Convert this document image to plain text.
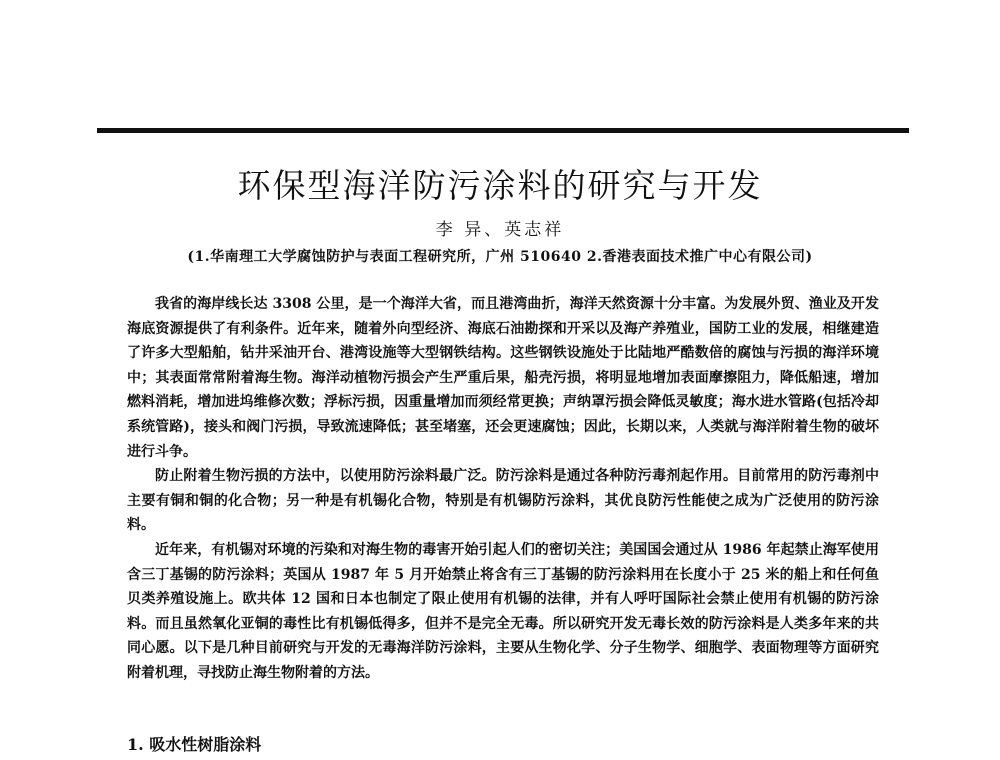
环保型海洋防污涂料的研究与开发
李 异、英志祥
(1.华南理工大学腐蚀防护与表面工程研究所，广州 510640 2.香港表面技术推广中心有限公司)

我省的海岸线长达 3308 公里，是一个海洋大省，而且港湾曲折，海洋天然资源十分丰富。为发展外贸、渔业及开发海底资源提供了有利条件。近年来，随着外向型经济、海底石油勘探和开采以及海产养殖业，国防工业的发展，相继建造了许多大型船舶，钻井采油开台、港湾设施等大型钢铁结构。这些钢铁设施处于比陆地严酷数倍的腐蚀与污损的海洋环境中；其表面常常附着海生物。海洋动植物污损会产生严重后果，船壳污损，将明显地增加表面摩擦阻力，降低船速，增加燃料消耗，增加进坞维修次数；浮标污损，因重量增加而须经常更换；声纳罩污损会降低灵敏度；海水进水管路(包括冷却系统管路)，接头和阀门污损，导致流速降低；甚至堵塞，还会更速腐蚀；因此，长期以来，人类就与海洋附着生物的破坏进行斗争。

防止附着生物污损的方法中，以使用防污涂料最广泛。防污涂料是通过各种防污毒剂起作用。目前常用的防污毒剂中主要有铜和铜的化合物；另一种是有机锡化合物，特别是有机锡防污涂料，其优良防污性能使之成为广泛使用的防污涂料。

近年来，有机锡对环境的污染和对海生物的毒害开始引起人们的密切关注；美国国会通过从 1986 年起禁止海军使用含三丁基锡的防污涂料；英国从 1987 年 5 月开始禁止将含有三丁基锡的防污涂料用在长度小于 25 米的船上和任何鱼贝类养殖设施上。欧共体 12 国和日本也制定了限止使用有机锡的法律，并有人呼吁国际社会禁止使用有机锡的防污涂料。而且虽然氧化亚铜的毒性比有机锡低得多，但并不是完全无毒。所以研究开发无毒长效的防污涂料是人类多年来的共同心愿。以下是几种目前研究与开发的无毒海洋防污涂料，主要从生物化学、分子生物学、细胞学、表面物理等方面研究附着机理，寻找防止海生物附着的方法。

1. 吸水性树脂涂料
